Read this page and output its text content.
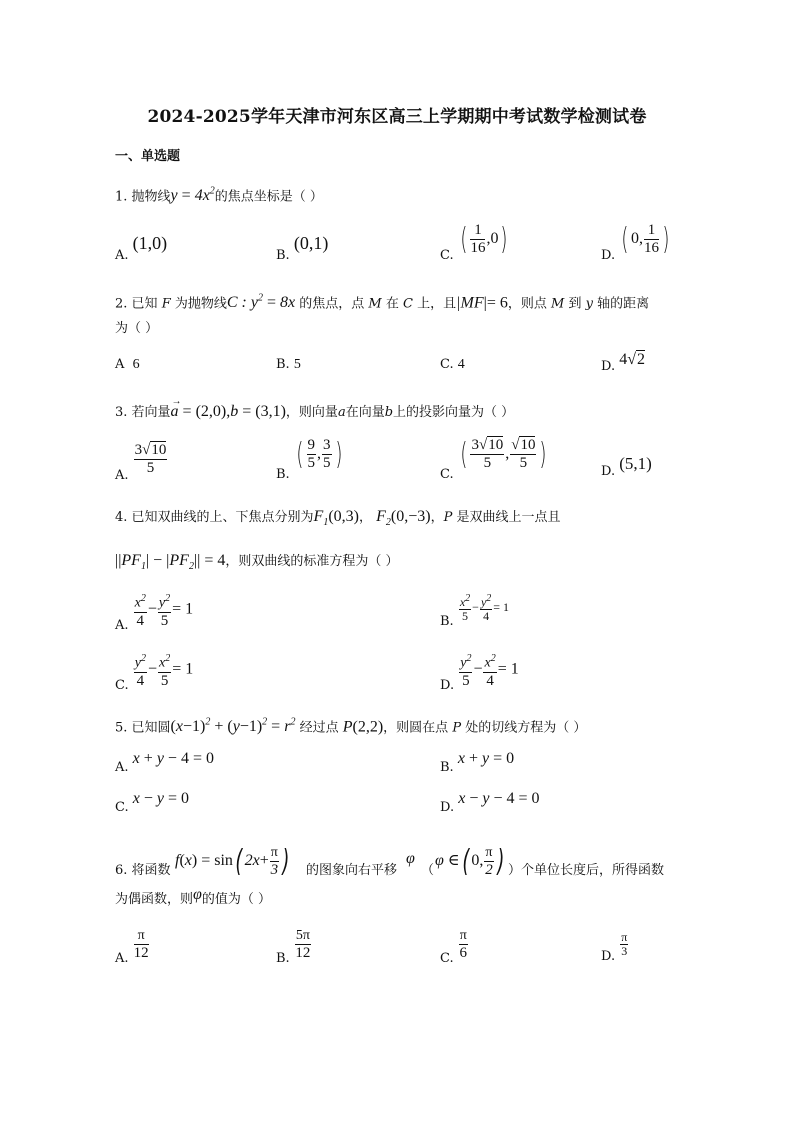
2024-2025学年天津市河东区高三上学期期中考试数学检测试卷
一、单选题
1. 抛物线$y = 4x^2$的焦点坐标是（ ）
A. (1,0)
B. (0,1)
C. ( $\frac{1}{16} ,0$)	D. ( 0, $\frac{1}{16}$ )
2. 已知 F 为抛物线C : $y^2 = 8x$ 的焦点，点 M 在 C 上，且|MF|= 6，则点 M 到 y 轴的距离
为（ ）
A 6	B. 5	C. 4	D. 4√2
3. 若向量a
→
= (2,0),b = (3,1)，则向量a在向量b上的投影向量为（ ）
A. $\frac{3√10}{5}$	B. ( $\frac{9}{5}$ , $\frac{3}{5}$ )
C. ( $\frac{3√10}{5}$ , $\frac{√10}{5}$ )	D. (5,1)
4. 已知双曲线的上、下焦点分别为$F_1(0,3)$， $F_2(0,-3)$，P 是双曲线上一点且
$||PF_1| - |PF_2|| = 4$，则双曲线的标准方程为（ ）
A. $\frac{x^2}{4} - \frac{y^2}{5} = 1$
B. $\frac{x^2}{5} - \frac{y^2}{4} = 1$
C. $\frac{y^2}{4} - \frac{x^2}{5} = 1$
D. $\frac{y^2}{5} - \frac{x^2}{4} = 1$
5. 已知圆$(x-1)^2 + (y-1)^2 = r^2$ 经过点 P(2,2)，则圆在点 P 处的切线方程为（ ）
A. x + y − 4 = 0
B. x + y = 0
C. x − y = 0
D. x − y − 4 = 0
6. 将函数
f(x) = sin( $2x+ \frac{\pi}{3}$ ) 的图象向右平移
φ
（
φ ∈( 0, $\frac{\pi}{2}$ ) ）个单位长度后，所得函数
为偶函数，则φ的值为（ ）
A. $\frac{\pi}{12}$	B. $\frac{5\pi}{12}$	C. $\frac{\pi}{6}$	D. $\frac{\pi}{3}$
